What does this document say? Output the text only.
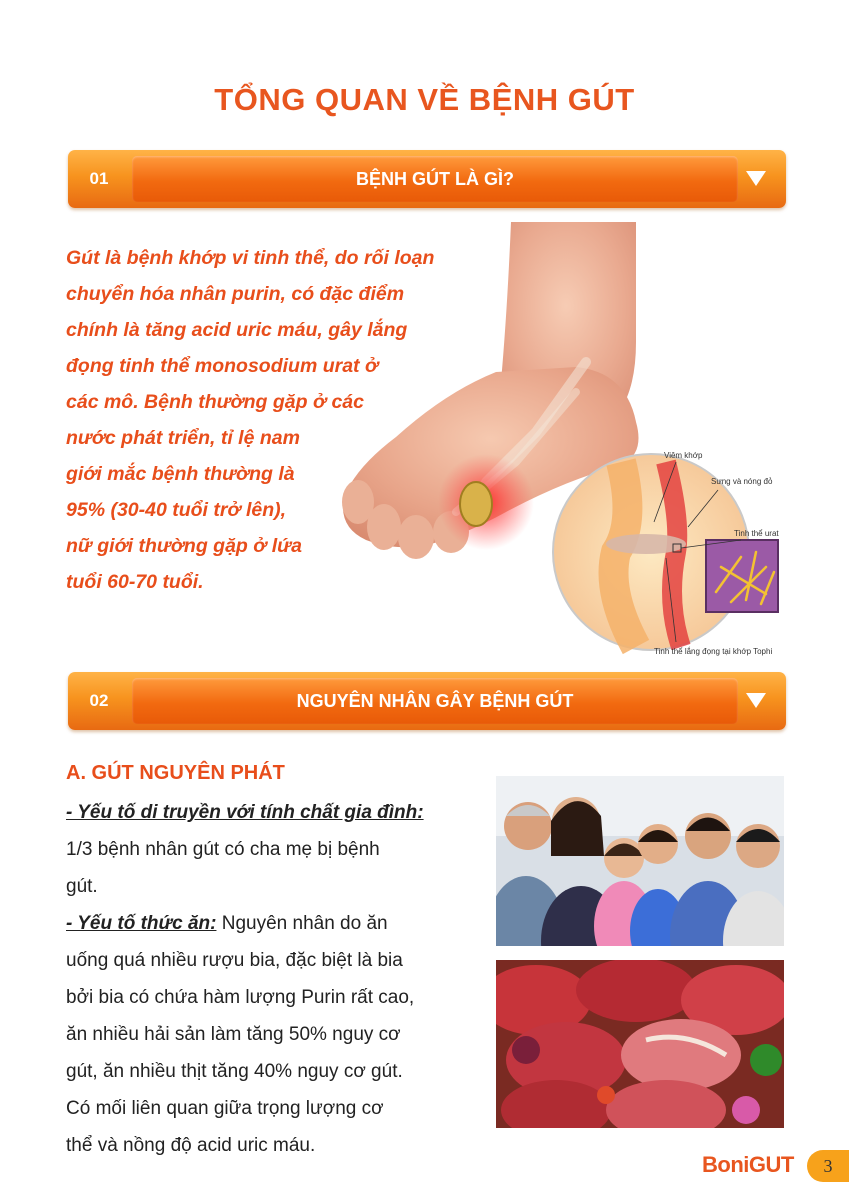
TỔNG QUAN VỀ BỆNH GÚT
01	BỆNH GÚT LÀ GÌ?
Gút là bệnh khớp vi tinh thể, do rối loạn
chuyển hóa nhân purin, có đặc điểm
chính là tăng acid uric máu, gây lắng
đọng tinh thể monosodium urat ở
các mô. Bệnh thường gặp ở các
nước phát triển, tỉ lệ nam
giới mắc bệnh thường là
95% (30-40 tuổi trở lên),
nữ giới thường gặp ở lứa
tuổi 60-70 tuổi.
Viêm khớp
Sưng và nóng đỏ
Tinh thể urat
Tinh thể lắng đọng tại khớp Tophi
02	NGUYÊN NHÂN GÂY BỆNH GÚT
A. GÚT NGUYÊN PHÁT
- Yếu tố di truyền với tính chất gia đình:
1/3 bệnh nhân gút có cha mẹ bị bệnh
gút.
- Yếu tố thức ăn: Nguyên nhân do ăn
uống quá nhiều rượu bia, đặc biệt là bia
bởi bia có chứa hàm lượng Purin rất cao,
ăn nhiều hải sản làm tăng 50% nguy cơ
gút, ăn nhiều thịt tăng 40% nguy cơ gút.
Có mối liên quan giữa trọng lượng cơ
thể và nồng độ acid uric máu.
BoniGUT	3
